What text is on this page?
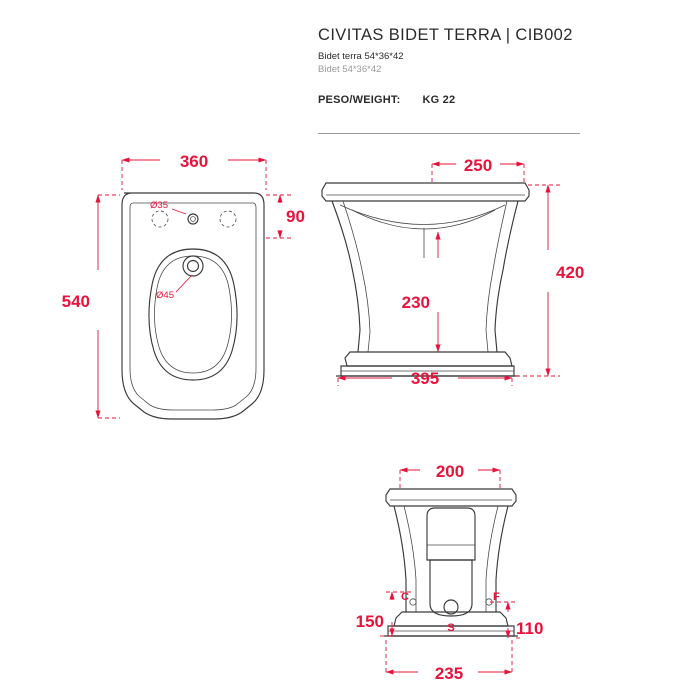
CIVITAS BIDET TERRA | CIB002
Bidet terra 54*36*42
Bidet 54*36*42
PESO/WEIGHT: KG 22
360
540
90
Ø35
Ø45
250
420
230
395
200
150	110
235
C	F
S
